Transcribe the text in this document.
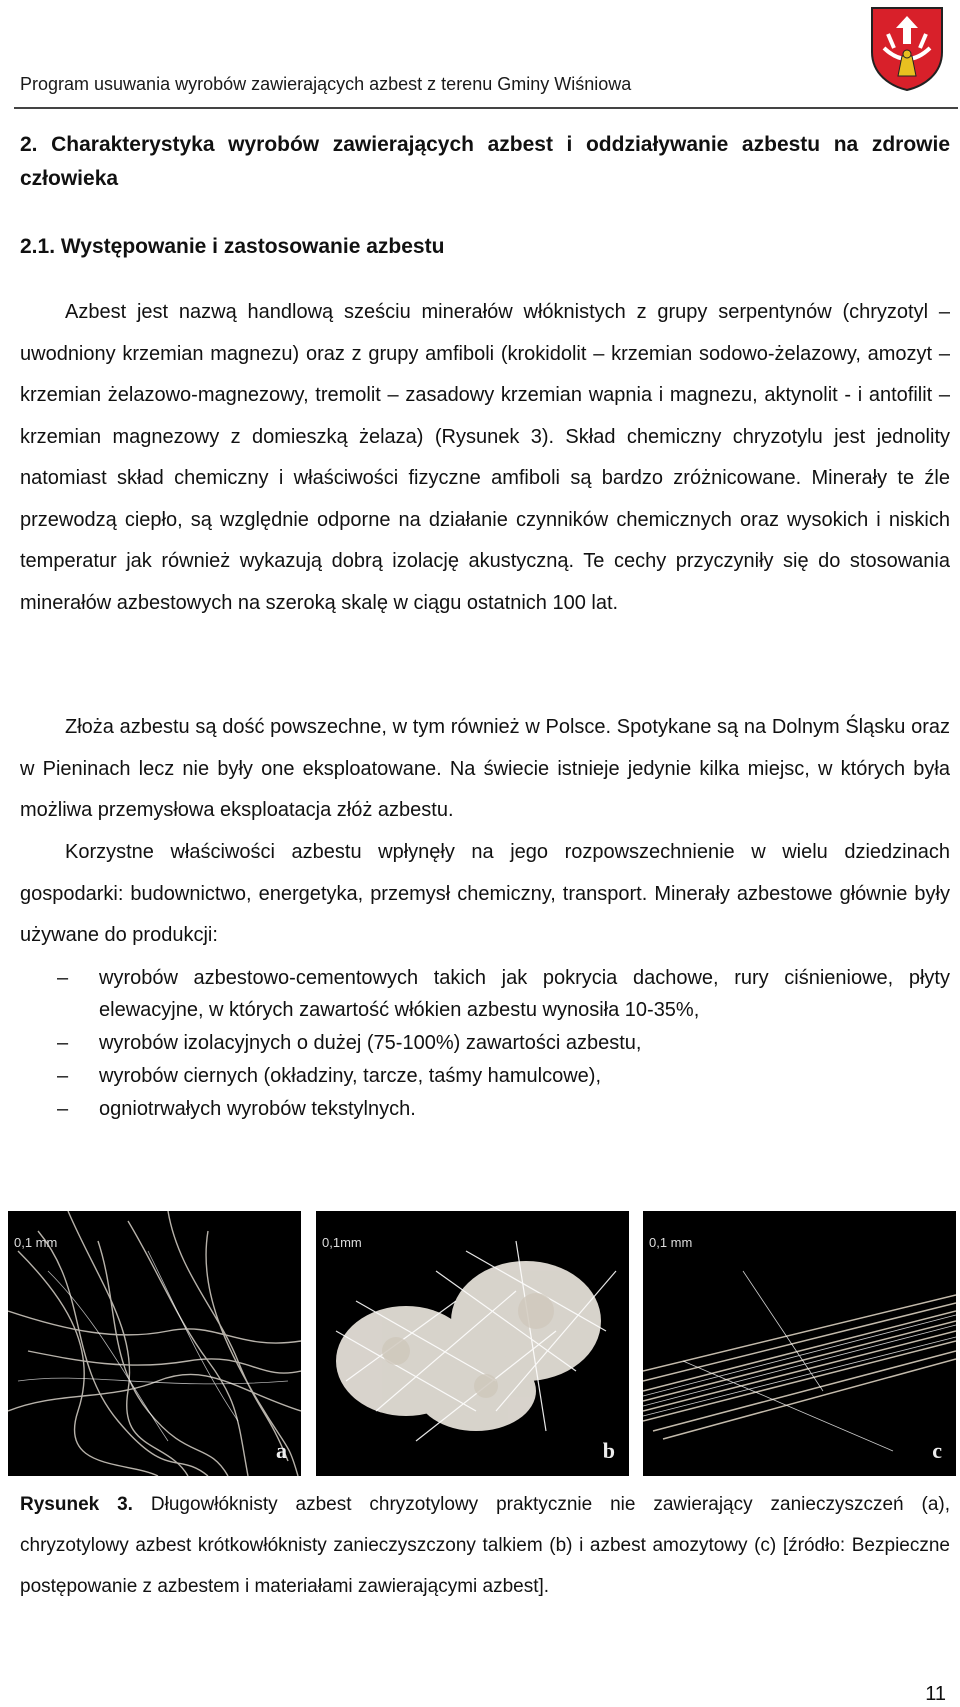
Program usuwania wyrobów zawierających azbest z terenu Gminy Wiśniowa
2. Charakterystyka wyrobów zawierających azbest i oddziaływanie azbestu na zdrowie człowieka
2.1. Występowanie i zastosowanie azbestu

Azbest jest nazwą handlową sześciu minerałów włóknistych z grupy serpentynów (chryzotyl – uwodniony krzemian magnezu) oraz z grupy amfiboli (krokidolit – krzemian sodowo-żelazowy, amozyt – krzemian żelazowo-magnezowy, tremolit – zasadowy krzemian wapnia i magnezu, aktynolit - i antofilit – krzemian magnezowy z domieszką żelaza) (Rysunek 3). Skład chemiczny chryzotylu jest jednolity natomiast skład chemiczny i właściwości fizyczne amfiboli są bardzo zróżnicowane. Minerały te źle przewodzą ciepło, są względnie odporne na działanie czynników chemicznych oraz wysokich i niskich temperatur jak również wykazują dobrą izolację akustyczną. Te cechy przyczyniły się do stosowania minerałów azbestowych na szeroką skalę w ciągu ostatnich 100 lat.

Złoża azbestu są dość powszechne, w tym również w Polsce. Spotykane są na Dolnym Śląsku oraz w Pieninach lecz nie były one eksploatowane. Na świecie istnieje jedynie kilka miejsc, w których była możliwa przemysłowa eksploatacja złóż azbestu.

Korzystne właściwości azbestu wpłynęły na jego rozpowszechnienie w wielu dziedzinach gospodarki: budownictwo, energetyka, przemysł chemiczny, transport. Minerały azbestowe głównie były używane do produkcji:

–	wyrobów azbestowo-cementowych takich jak pokrycia dachowe, rury ciśnieniowe, płyty elewacyjne, w których zawartość włókien azbestu wynosiła 10-35%,
–	wyrobów izolacyjnych o dużej (75-100%) zawartości azbestu,
–	wyrobów ciernych (okładziny, tarcze, taśmy hamulcowe),
–	ogniotrwałych wyrobów tekstylnych.
0,1 mm
a
0,1mm
b
0,1 mm
c

Rysunek 3. Długowłóknisty azbest chryzotylowy praktycznie nie zawierający zanieczyszczeń (a), chryzotylowy azbest krótkowłóknisty zanieczyszczony talkiem (b) i azbest amozytowy (c) [źródło: Bezpieczne postępowanie z azbestem i materiałami zawierającymi azbest].

11
